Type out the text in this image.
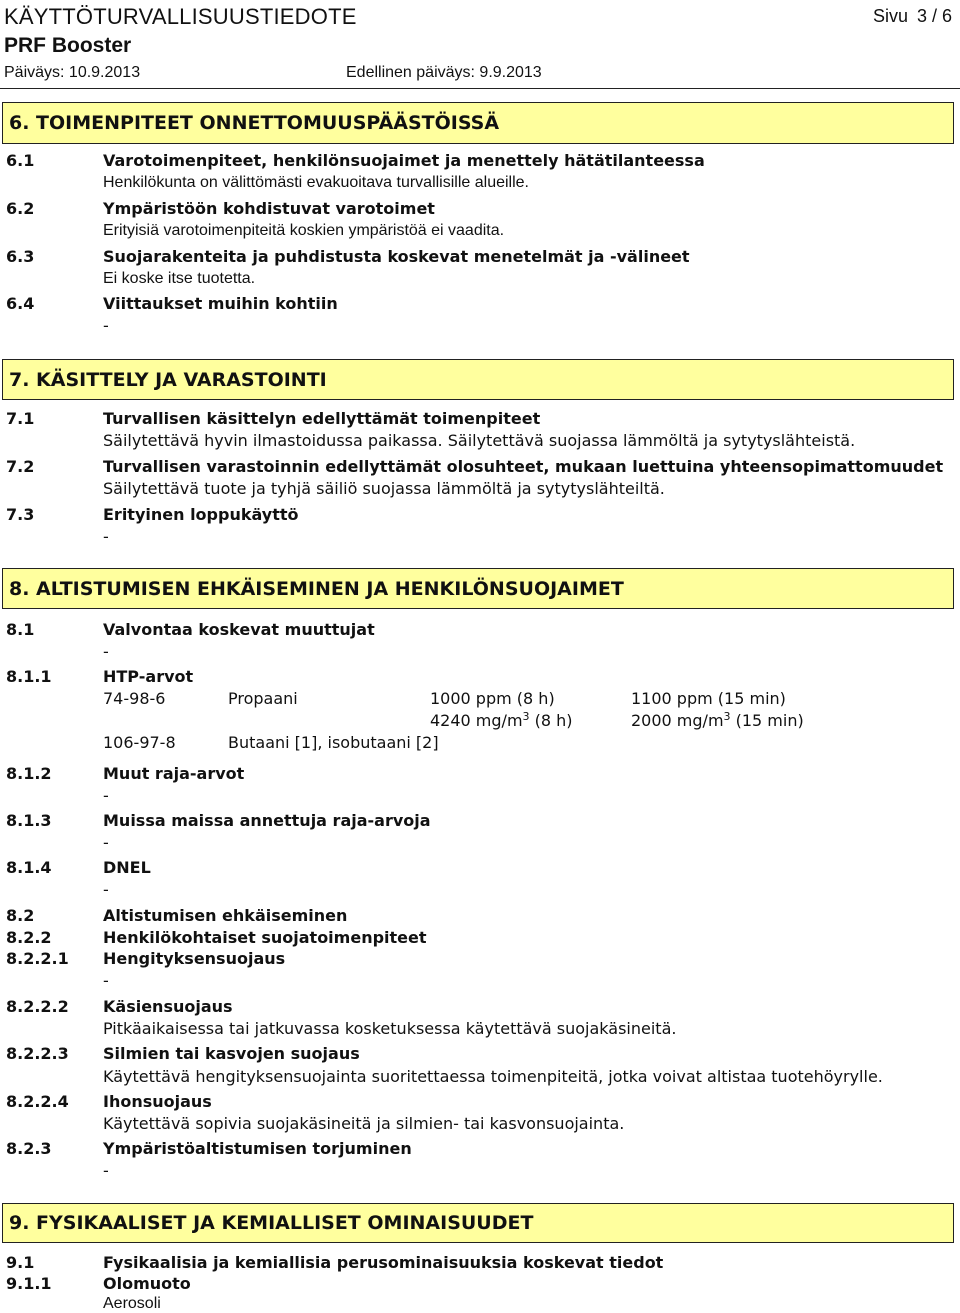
KÄYTTÖTURVALLISUUSTIEDOTE	Sivu 3 / 6
PRF Booster
Päiväys: 10.9.2013	Edellinen päiväys: 9.9.2013
6. TOIMENPITEET ONNETTOMUUSPÄÄSTÖISSÄ
6.1	Varotoimenpiteet, henkilönsuojaimet ja menettely hätätilanteessa
Henkilökunta on välittömästi evakuoitava turvallisille alueille.
6.2	Ympäristöön kohdistuvat varotoimet
Erityisiä varotoimenpiteitä koskien ympäristöä ei vaadita.
6.3	Suojarakenteita ja puhdistusta koskevat menetelmät ja -välineet
Ei koske itse tuotetta.
6.4	Viittaukset muihin kohtiin
-
7. KÄSITTELY JA VARASTOINTI
7.1	Turvallisen käsittelyn edellyttämät toimenpiteet
Säilytettävä hyvin ilmastoidussa paikassa. Säilytettävä suojassa lämmöltä ja sytytyslähteistä.
7.2	Turvallisen varastoinnin edellyttämät olosuhteet, mukaan luettuina yhteensopimattomuudet
Säilytettävä tuote ja tyhjä säiliö suojassa lämmöltä ja sytytyslähteiltä.
7.3	Erityinen loppukäyttö
-
8. ALTISTUMISEN EHKÄISEMINEN JA HENKILÖNSUOJAIMET
8.1	Valvontaa koskevat muuttujat
-
8.1.1	HTP-arvot
74-98-6	Propaani	1000 ppm (8 h)	1100 ppm (15 min)
4240 $mg/m^3$ (8 h)	2000 $mg/m^3$ (15 min)
106-97-8	Butaani [1], isobutaani [2]
8.1.2	Muut raja-arvot
-
8.1.3	Muissa maissa annettuja raja-arvoja
-
8.1.4	DNEL
-
8.2	Altistumisen ehkäiseminen
8.2.2	Henkilökohtaiset suojatoimenpiteet
8.2.2.1 Hengityksensuojaus
-
8.2.2.2 Käsiensuojaus
Pitkäaikaisessa tai jatkuvassa kosketuksessa käytettävä suojakäsineitä.
8.2.2.3 Silmien tai kasvojen suojaus
Käytettävä hengityksensuojainta suoritettaessa toimenpiteitä, jotka voivat altistaa tuotehöyrylle.
8.2.2.4 Ihonsuojaus
Käytettävä sopivia suojakäsineitä ja silmien- tai kasvonsuojainta.
8.2.3	Ympäristöaltistumisen torjuminen
-
9. FYSIKAALISET JA KEMIALLISET OMINAISUUDET
9.1	Fysikaalisia ja kemiallisia perusominaisuuksia koskevat tiedot
9.1.1	Olomuoto
Aerosoli
